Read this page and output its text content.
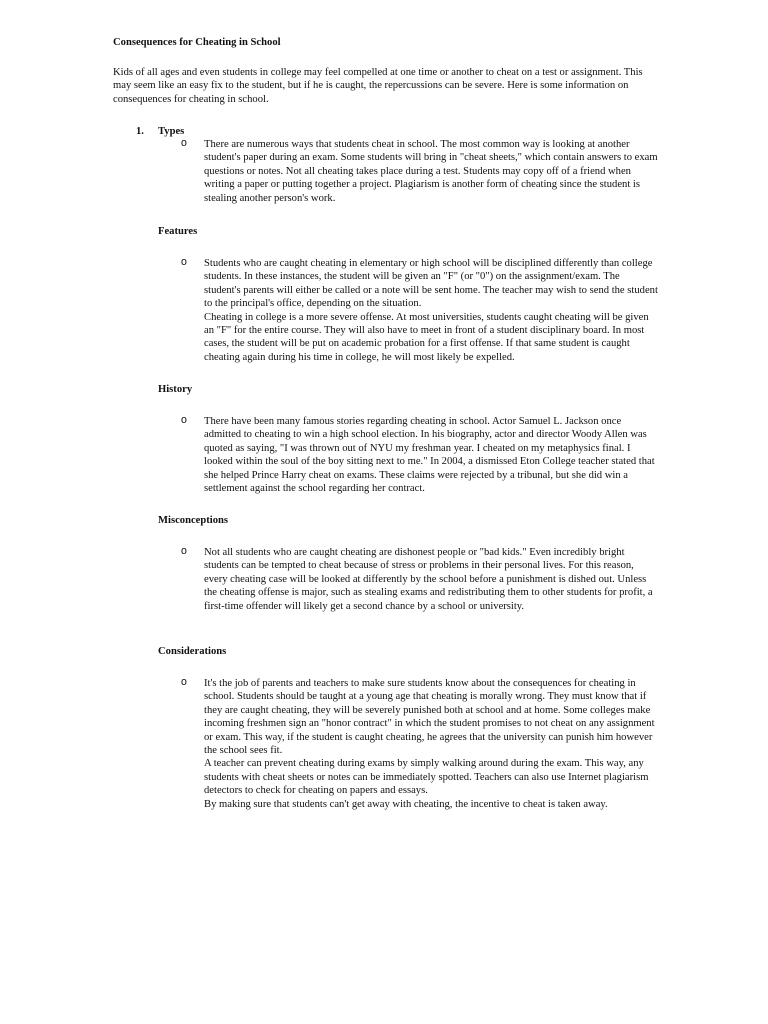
Consequences for Cheating in School
Kids of all ages and even students in college may feel compelled at one time or another to cheat on a test or assignment. This may seem like an easy fix to the student, but if he is caught, the repercussions can be severe. Here is some information on consequences for cheating in school.
1. Types
o There are numerous ways that students cheat in school. The most common way is looking at another student's paper during an exam. Some students will bring in "cheat sheets," which contain answers to exam questions or notes. Not all cheating takes place during a test. Students may copy off of a friend when writing a paper or putting together a project. Plagiarism is another form of cheating since the student is stealing another person's work.

Features
o Students who are caught cheating in elementary or high school will be disciplined differently than college students. In these instances, the student will be given an "F" (or "0") on the assignment/exam. The student's parents will either be called or a note will be sent home. The teacher may wish to send the student to the principal's office, depending on the situation.

Cheating in college is a more severe offense. At most universities, students caught cheating will be given an "F" for the entire course. They will also have to meet in front of a student disciplinary board. In most cases, the student will be put on academic probation for a first offense. If that same student is caught cheating again during his time in college, he will most likely be expelled.

History
o There have been many famous stories regarding cheating in school. Actor Samuel L. Jackson once admitted to cheating to win a high school election. In his biography, actor and director Woody Allen was quoted as saying, "I was thrown out of NYU my freshman year. I cheated on my metaphysics final. I looked within the soul of the boy sitting next to me." In 2004, a dismissed Eton College teacher stated that she helped Prince Harry cheat on exams. These claims were rejected by a tribunal, but she did win a settlement against the school regarding her contract.

Misconceptions
o Not all students who are caught cheating are dishonest people or "bad kids." Even incredibly bright students can be tempted to cheat because of stress or problems in their personal lives. For this reason, every cheating case will be looked at differently by the school before a punishment is dished out. Unless the cheating offense is major, such as stealing exams and redistributing them to other students for profit, a first-time offender will likely get a second chance by a school or university.

Considerations
o It's the job of parents and teachers to make sure students know about the consequences for cheating in school. Students should be taught at a young age that cheating is morally wrong. They must know that if they are caught cheating, they will be severely punished both at school and at home. Some colleges make incoming freshmen sign an "honor contract" in which the student promises to not cheat on any assignment or exam. This way, if the student is caught cheating, he agrees that the university can punish him however the school sees fit.

A teacher can prevent cheating during exams by simply walking around during the exam. This way, any students with cheat sheets or notes can be immediately spotted. Teachers can also use Internet plagiarism detectors to check for cheating on papers and essays.

By making sure that students can't get away with cheating, the incentive to cheat is taken away.
